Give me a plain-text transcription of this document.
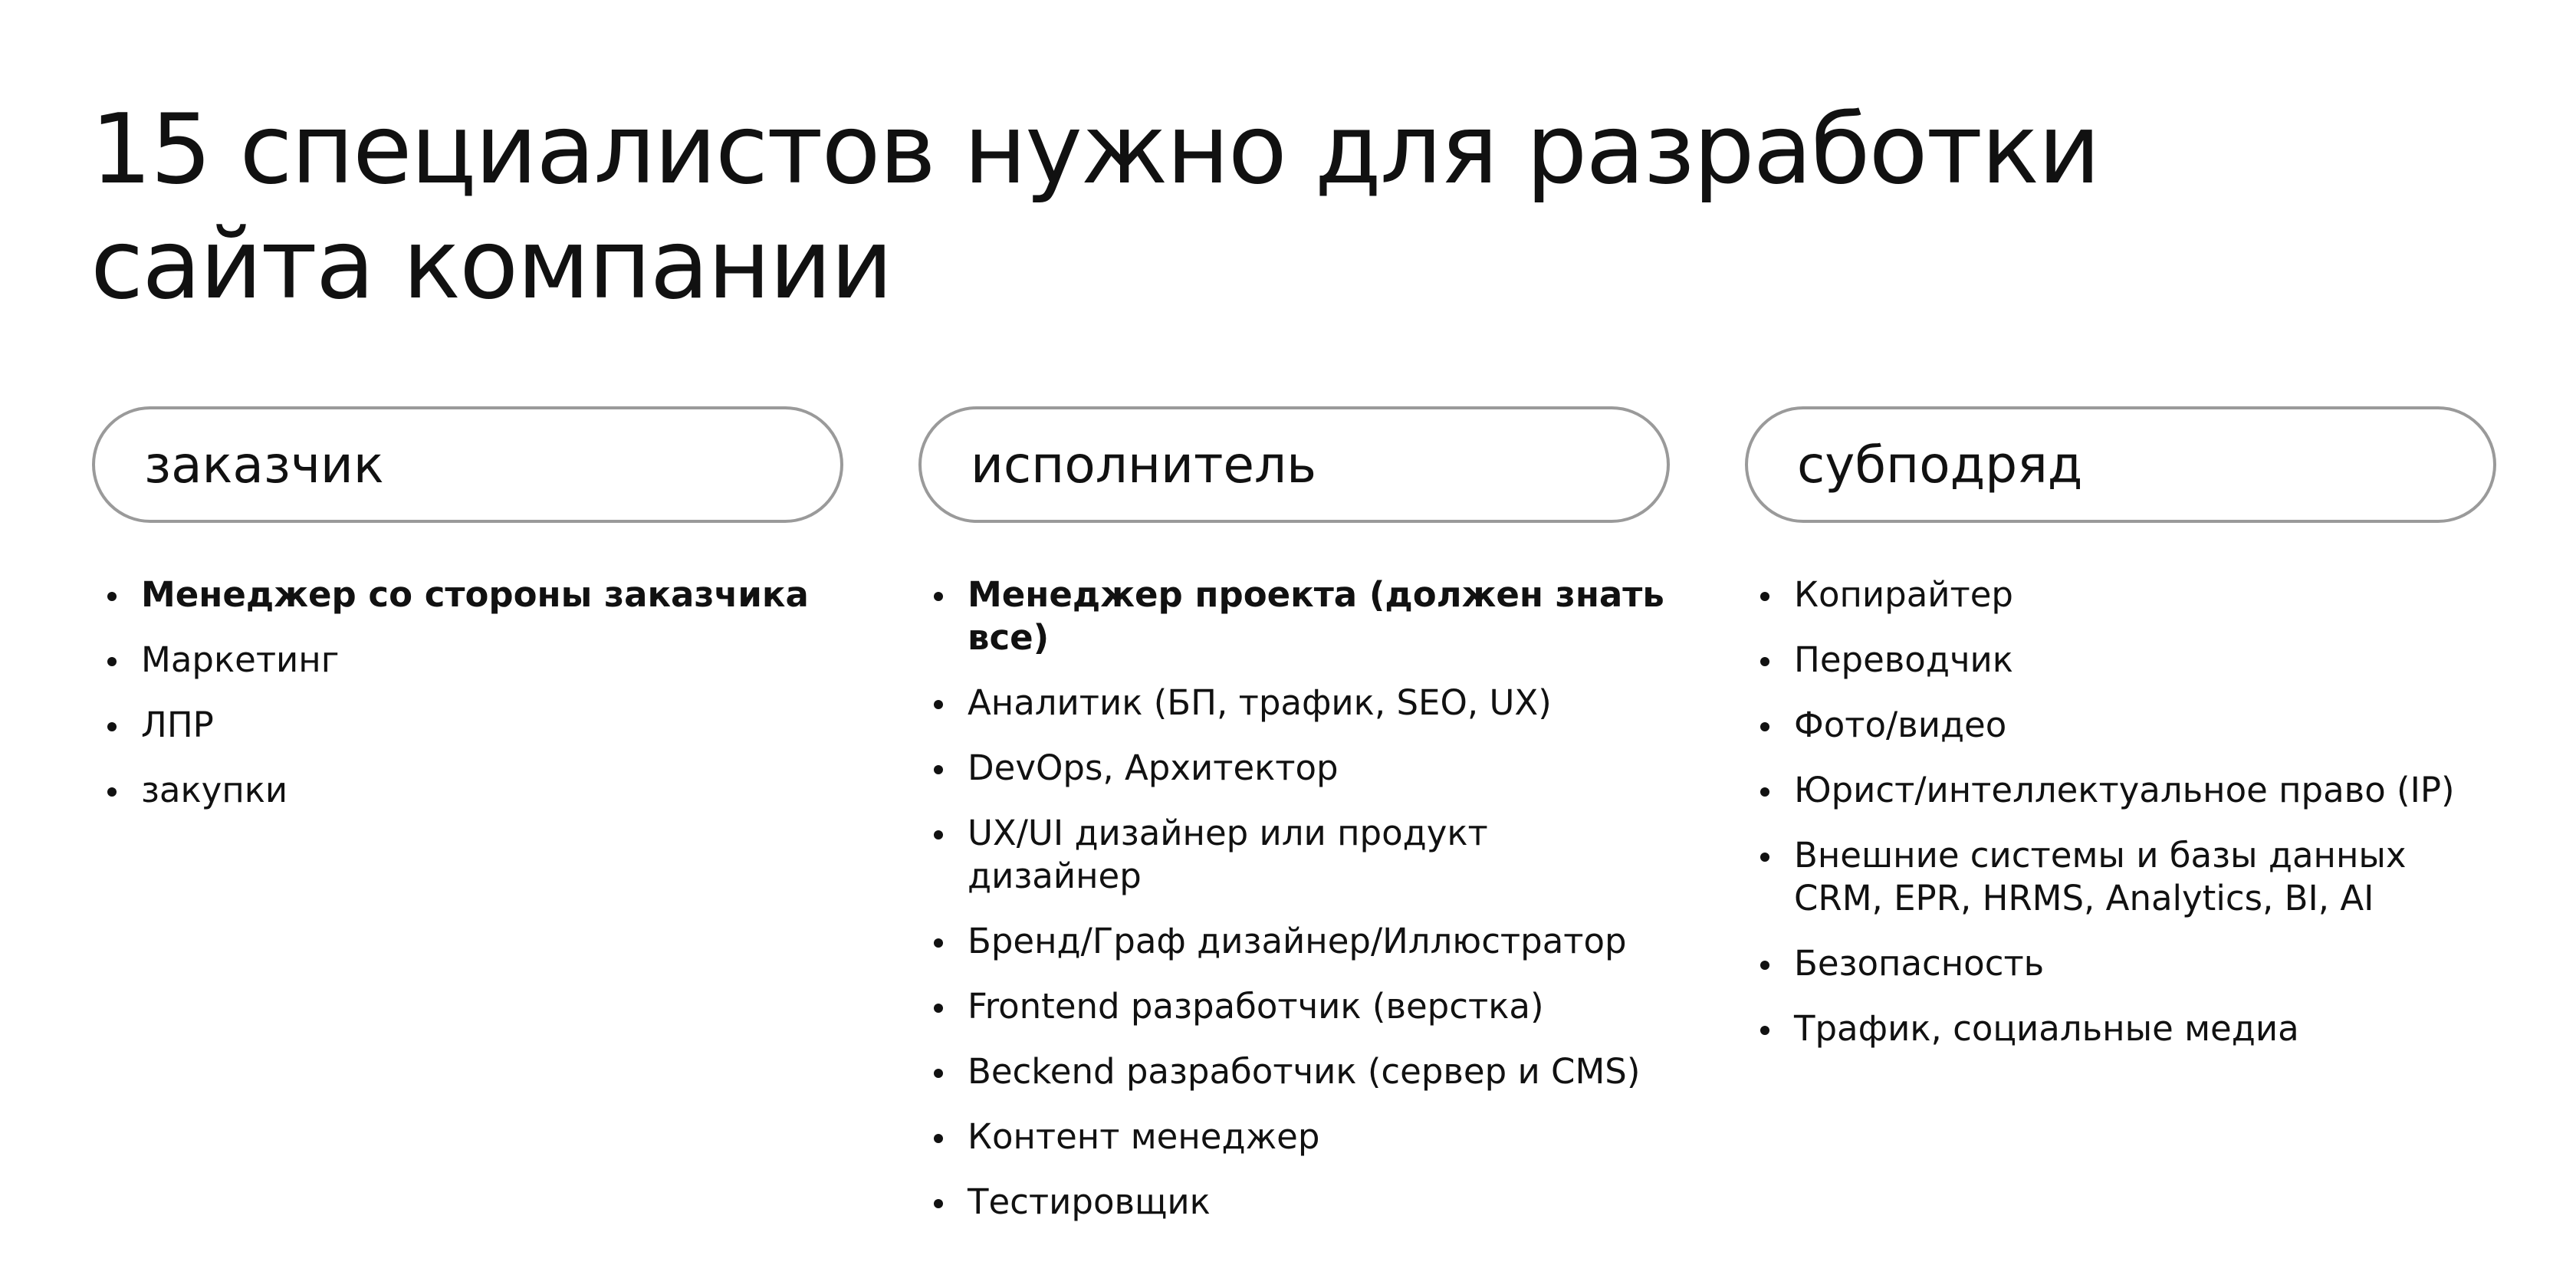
15 специалистов нужно для разработки сайта компании
заказчик
Менеджер со стороны заказчика
Маркетинг
ЛПР
закупки
исполнитель
Менеджер проекта (должен знать все)
Аналитик (БП, трафик, SEO, UX)
DevOps, Архитектор
UX/UI дизайнер или продукт дизайнер
Бренд/Граф дизайнер/Иллюстратор
Frontend разработчик (верстка)
Beckend разработчик (сервер и CMS)
Контент менеджер
Тестировщик
субподряд
Копирайтер
Переводчик
Фото/видео
Юрист/интеллектуальное право (IP)
Внешние системы и базы данных
CRM, EPR, HRMS, Analytics, BI, AI
Безопасность
Трафик, социальные медиа
